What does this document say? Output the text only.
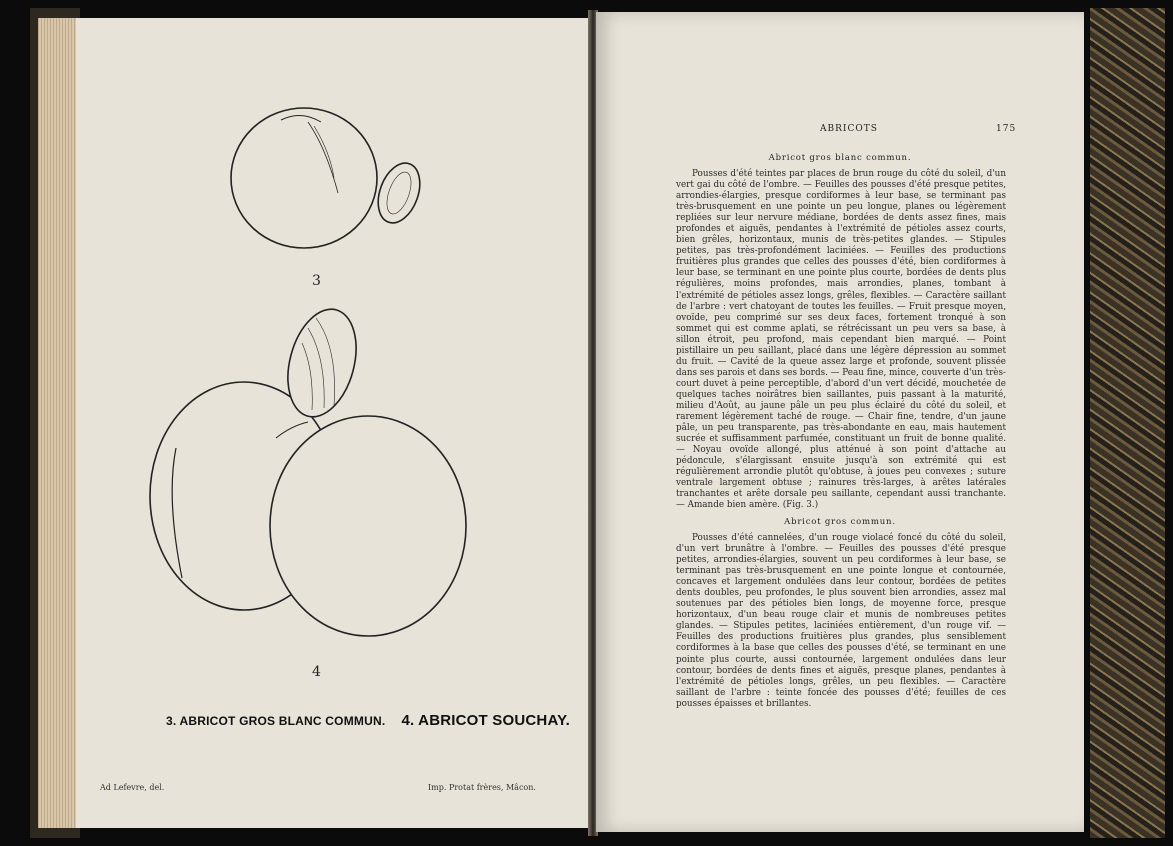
3
4
3. ABRICOT GROS BLANC COMMUN. 4. ABRICOT SOUCHAY.
Ad Lefevre, del.	Imp. Protat frères, Mâcon.
ABRICOTS	175
Abricot gros blanc commun.

Pousses d'été teintes par places de brun rouge du côté du soleil, d'un vert gai du côté de l'ombre. — Feuilles des pousses d'été presque petites, arrondies-élargies, presque cordiformes à leur base, se terminant pas très-brusquement en une pointe un peu longue, planes ou légèrement repliées sur leur nervure médiane, bordées de dents assez fines, mais profondes et aiguës, pendantes à l'extrémité de pétioles assez courts, bien grêles, horizontaux, munis de très-petites glandes. — Stipules petites, pas très-profondément laciniées. — Feuilles des productions fruitières plus grandes que celles des pousses d'été, bien cordiformes à leur base, se terminant en une pointe plus courte, bordées de dents plus régulières, moins profondes, mais arrondies, planes, tombant à l'extrémité de pétioles assez longs, grêles, flexibles. — Caractère saillant de l'arbre : vert chatoyant de toutes les feuilles. — Fruit presque moyen, ovoïde, peu comprimé sur ses deux faces, fortement tronqué à son sommet qui est comme aplati, se rétrécissant un peu vers sa base, à sillon étroit, peu profond, mais cependant bien marqué. — Point pistillaire un peu saillant, placé dans une légère dépression au sommet du fruit. — Cavité de la queue assez large et profonde, souvent plissée dans ses parois et dans ses bords. — Peau fine, mince, couverte d'un très-court duvet à peine perceptible, d'abord d'un vert décidé, mouchetée de quelques taches noirâtres bien saillantes, puis passant à la maturité, milieu d'Août, au jaune pâle un peu plus éclairé du côté du soleil, et rarement légèrement taché de rouge. — Chair fine, tendre, d'un jaune pâle, un peu transparente, pas très-abondante en eau, mais hautement sucrée et suffisamment parfumée, constituant un fruit de bonne qualité. — Noyau ovoïde allongé, plus atténué à son point d'attache au pédoncule, s'élargissant ensuite jusqu'à son extrémité qui est régulièrement arrondie plutôt qu'obtuse, à joues peu convexes ; suture ventrale largement obtuse ; rainures très-larges, à arêtes latérales tranchantes et arête dorsale peu saillante, cependant aussi tranchante. — Amande bien amère. (Fig. 3.)

Abricot gros commun.

Pousses d'été cannelées, d'un rouge violacé foncé du côté du soleil, d'un vert brunâtre à l'ombre. — Feuilles des pousses d'été presque petites, arrondies-élargies, souvent un peu cordiformes à leur base, se terminant pas très-brusquement en une pointe longue et contournée, concaves et largement ondulées dans leur contour, bordées de petites dents doubles, peu profondes, le plus souvent bien arrondies, assez mal soutenues par des pétioles bien longs, de moyenne force, presque horizontaux, d'un beau rouge clair et munis de nombreuses petites glandes. — Stipules petites, laciniées entièrement, d'un rouge vif. — Feuilles des productions fruitières plus grandes, plus sensiblement cordiformes à la base que celles des pousses d'été, se terminant en une pointe plus courte, aussi contournée, largement ondulées dans leur contour, bordées de dents fines et aiguës, presque planes, pendantes à l'extrémité de pétioles longs, grêles, un peu flexibles. — Caractère saillant de l'arbre : teinte foncée des pousses d'été; feuilles de ces pousses épaisses et brillantes.
